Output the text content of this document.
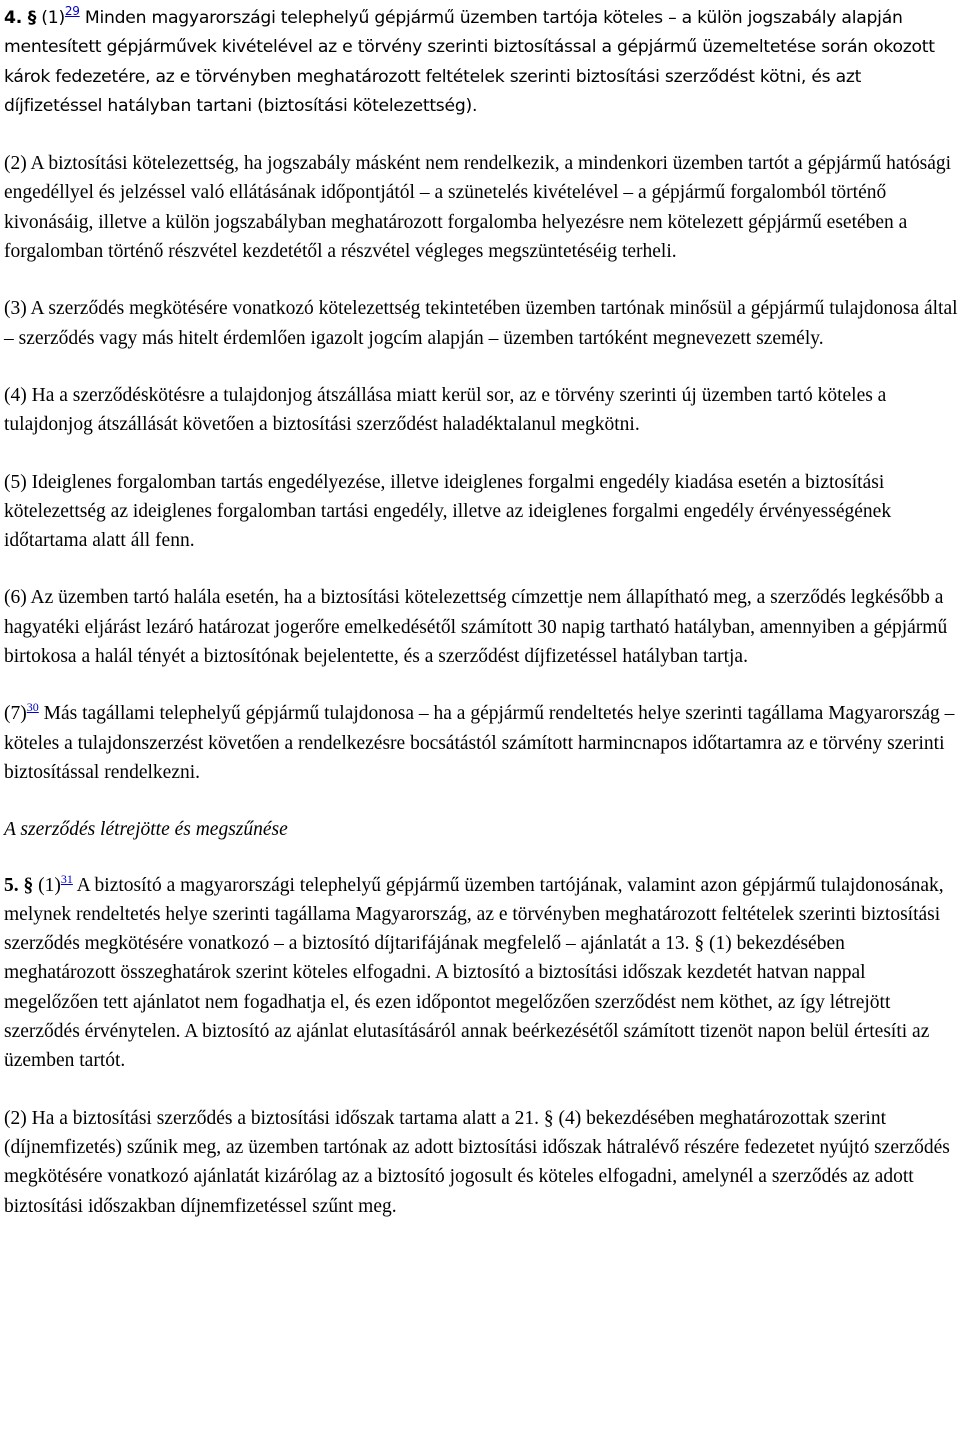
4. § (1)$^{29}$ Minden magyarországi telephelyű gépjármű üzemben tartója köteles – a külön jogszabály alapján mentesített gépjárművek kivételével az e törvény szerinti biztosítással a gépjármű üzemeltetése során okozott károk fedezetére, az e törvényben meghatározott feltételek szerinti biztosítási szerződést kötni, és azt díjfizetéssel hatályban tartani (biztosítási kötelezettség).

(2) A biztosítási kötelezettség, ha jogszabály másként nem rendelkezik, a mindenkori üzemben tartót a gépjármű hatósági engedéllyel és jelzéssel való ellátásának időpontjától – a szünetelés kivételével – a gépjármű forgalomból történő kivonásáig, illetve a külön jogszabályban meghatározott forgalomba helyezésre nem kötelezett gépjármű esetében a forgalomban történő részvétel kezdetétől a részvétel végleges megszüntetéséig terheli.

(3) A szerződés megkötésére vonatkozó kötelezettség tekintetében üzemben tartónak minősül a gépjármű tulajdonosa által – szerződés vagy más hitelt érdemlően igazolt jogcím alapján – üzemben tartóként megnevezett személy.

(4) Ha a szerződéskötésre a tulajdonjog átszállása miatt kerül sor, az e törvény szerinti új üzemben tartó köteles a tulajdonjog átszállását követően a biztosítási szerződést haladéktalanul megkötni.

(5) Ideiglenes forgalomban tartás engedélyezése, illetve ideiglenes forgalmi engedély kiadása esetén a biztosítási kötelezettség az ideiglenes forgalomban tartási engedély, illetve az ideiglenes forgalmi engedély érvényességének időtartama alatt áll fenn.

(6) Az üzemben tartó halála esetén, ha a biztosítási kötelezettség címzettje nem állapítható meg, a szerződés legkésőbb a hagyatéki eljárást lezáró határozat jogerőre emelkedésétől számított 30 napig tartható hatályban, amennyiben a gépjármű birtokosa a halál tényét a biztosítónak bejelentette, és a szerződést díjfizetéssel hatályban tartja.

(7)$^{30}$ Más tagállami telephelyű gépjármű tulajdonosa – ha a gépjármű rendeltetés helye szerinti tagállama Magyarország – köteles a tulajdonszerzést követően a rendelkezésre bocsátástól számított harmincnapos időtartamra az e törvény szerinti biztosítással rendelkezni.

A szerződés létrejötte és megszűnése

5. § (1)$^{31}$ A biztosító a magyarországi telephelyű gépjármű üzemben tartójának, valamint azon gépjármű tulajdonosának, melynek rendeltetés helye szerinti tagállama Magyarország, az e törvényben meghatározott feltételek szerinti biztosítási szerződés megkötésére vonatkozó – a biztosító díjtarifájának megfelelő – ajánlatát a 13. § (1) bekezdésében meghatározott összeghatárok szerint köteles elfogadni. A biztosító a biztosítási időszak kezdetét hatvan nappal megelőzően tett ajánlatot nem fogadhatja el, és ezen időpontot megelőzően szerződést nem köthet, az így létrejött szerződés érvénytelen. A biztosító az ajánlat elutasításáról annak beérkezésétől számított tizenöt napon belül értesíti az üzemben tartót.

(2) Ha a biztosítási szerződés a biztosítási időszak tartama alatt a 21. § (4) bekezdésében meghatározottak szerint (díjnemfizetés) szűnik meg, az üzemben tartónak az adott biztosítási időszak hátralévő részére fedezetet nyújtó szerződés megkötésére vonatkozó ajánlatát kizárólag az a biztosító jogosult és köteles elfogadni, amelynél a szerződés az adott biztosítási időszakban díjnemfizetéssel szűnt meg.
